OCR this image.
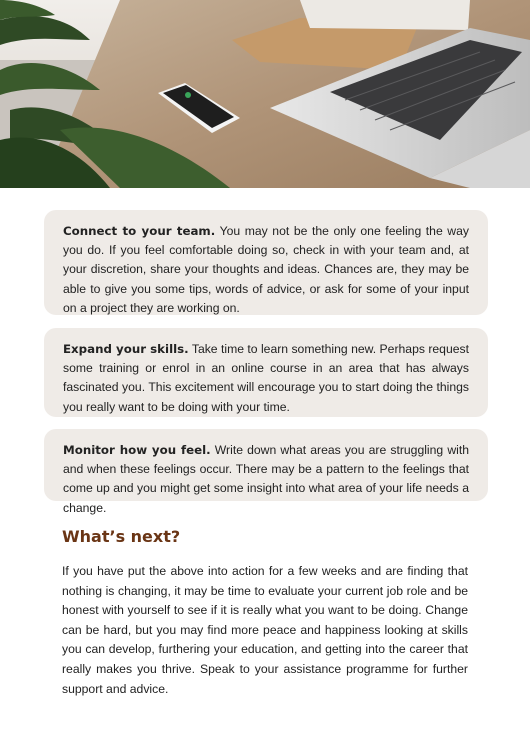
Connect to your team. You may not be the only one feeling the way you do. If you feel comfortable doing so, check in with your team and, at your discretion, share your thoughts and ideas. Chances are, they may be able to give you some tips, words of advice, or ask for some of your input on a project they are working on.
Expand your skills. Take time to learn something new. Perhaps request some training or enrol in an online course in an area that has always fascinated you. This excitement will encourage you to start doing the things you really want to be doing with your time.
Monitor how you feel. Write down what areas you are struggling with and when these feelings occur. There may be a pattern to the feelings that come up and you might get some insight into what area of your life needs a change.
What’s next?

If you have put the above into action for a few weeks and are finding that nothing is changing, it may be time to evaluate your current job role and be honest with yourself to see if it is really what you want to be doing. Change can be hard, but you may find more peace and happiness looking at skills you can develop, furthering your education, and getting into the career that really makes you thrive. Speak to your assistance programme for further support and advice.
